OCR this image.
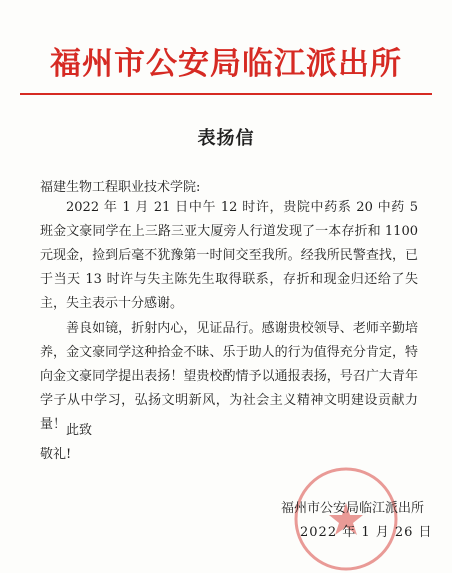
福州市公安局临江派出所
表扬信
福建生物工程职业技术学院:

2022 年 1 月 21 日中午 12 时许，贵院中药系 20 中药 5 班金文豪同学在上三路三亚大厦旁人行道发现了一本存折和 1100 元现金，捡到后毫不犹豫第一时间交至我所。经我所民警查找，已于当天 13 时许与失主陈先生取得联系，存折和现金归还给了失主，失主表示十分感谢。

善良如镜，折射内心，见证品行。感谢贵校领导、老师辛勤培养，金文豪同学这种拾金不昧、乐于助人的行为值得充分肯定，特向金文豪同学提出表扬！望贵校酌情予以通报表扬，号召广大青年学子从中学习，弘扬文明新风，为社会主义精神文明建设贡献力量！ 此致
敬礼!
福州市公安局临江派出所
2022 年 1 月 26 日
